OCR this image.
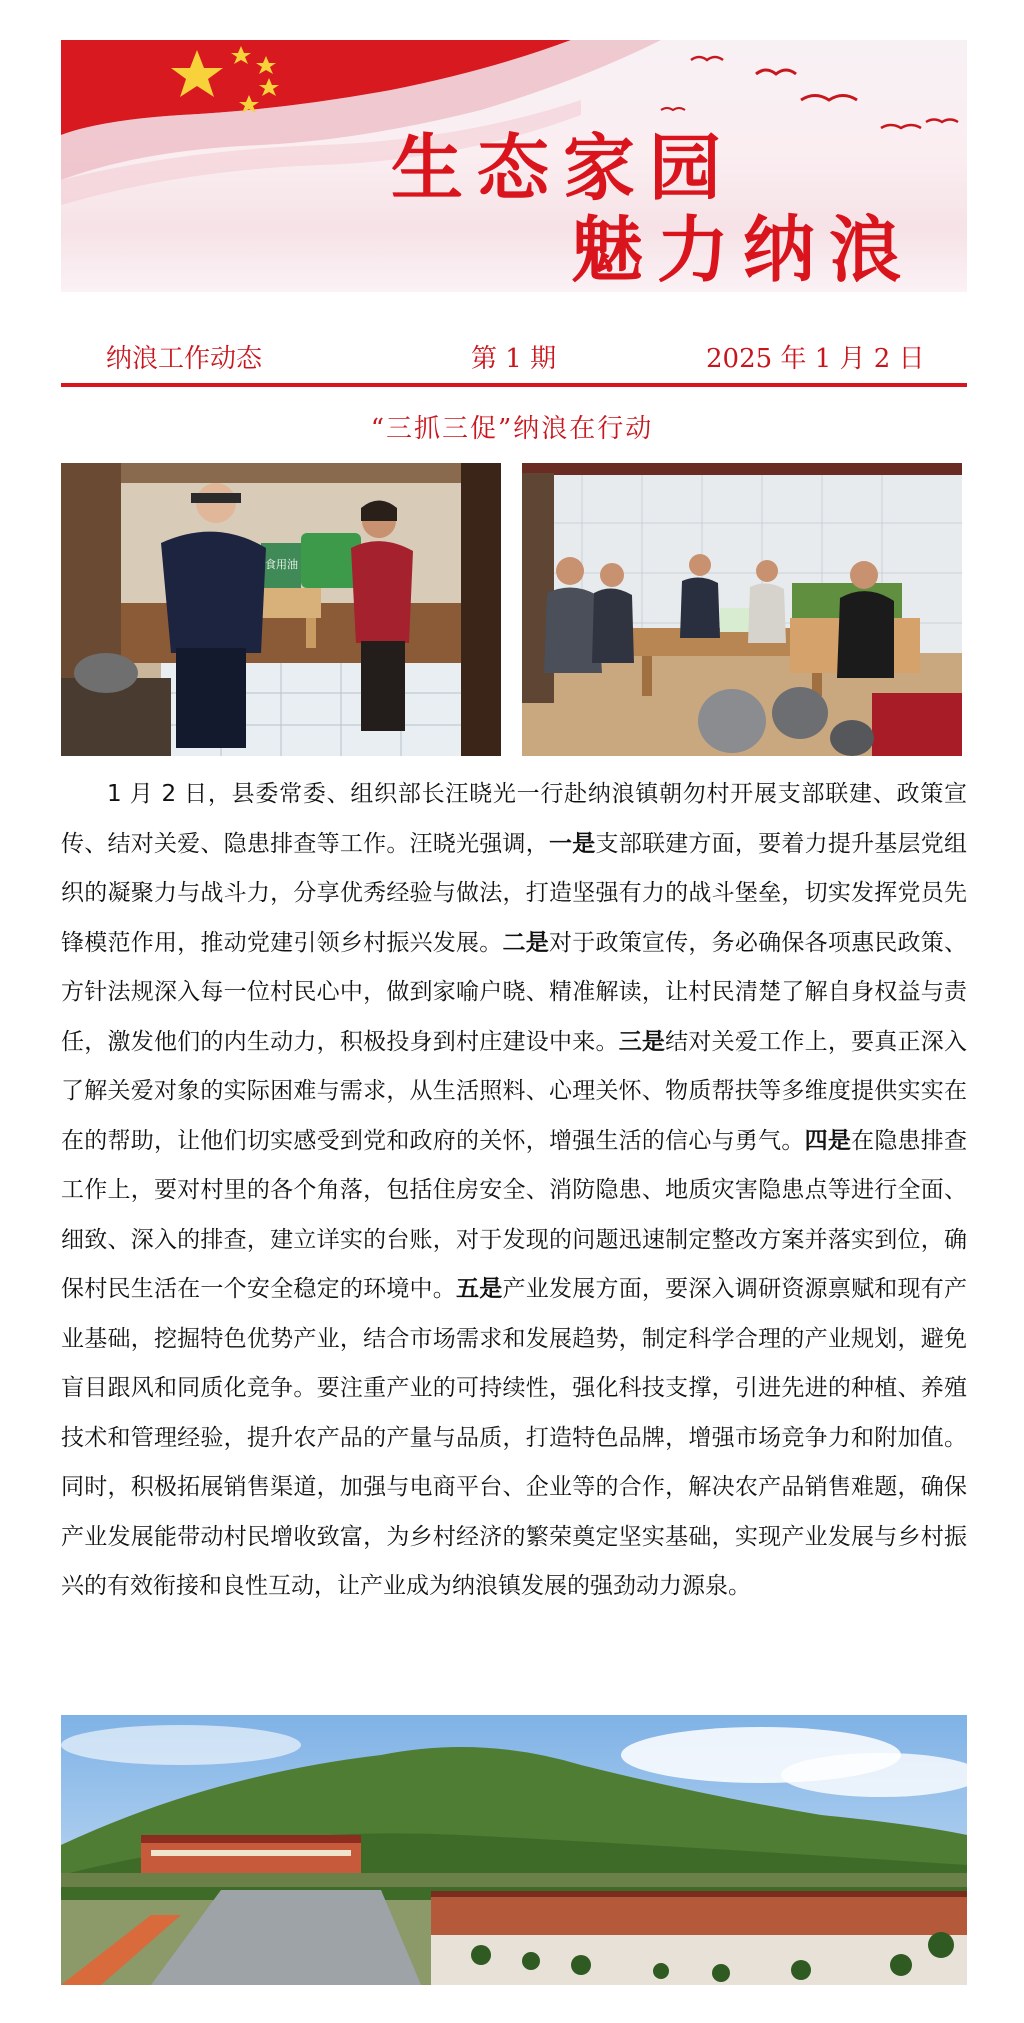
生态家园
魅力纳浪
纳浪工作动态	第 1 期	2025 年 1 月 2 日
“三抓三促”纳浪在行动
食用油
1 月 2 日，县委常委、组织部长汪晓光一行赴纳浪镇朝勿村开展支部联建、政策宣传、结对关爱、隐患排查等工作。汪晓光强调，一是支部联建方面，要着力提升基层党组织的凝聚力与战斗力，分享优秀经验与做法，打造坚强有力的战斗堡垒，切实发挥党员先锋模范作用，推动党建引领乡村振兴发展。二是对于政策宣传，务必确保各项惠民政策、方针法规深入每一位村民心中，做到家喻户晓、精准解读，让村民清楚了解自身权益与责任，激发他们的内生动力，积极投身到村庄建设中来。三是结对关爱工作上，要真正深入了解关爱对象的实际困难与需求，从生活照料、心理关怀、物质帮扶等多维度提供实实在在的帮助，让他们切实感受到党和政府的关怀，增强生活的信心与勇气。四是在隐患排查工作上，要对村里的各个角落，包括住房安全、消防隐患、地质灾害隐患点等进行全面、细致、深入的排查，建立详实的台账，对于发现的问题迅速制定整改方案并落实到位，确保村民生活在一个安全稳定的环境中。五是产业发展方面，要深入调研资源禀赋和现有产业基础，挖掘特色优势产业，结合市场需求和发展趋势，制定科学合理的产业规划，避免盲目跟风和同质化竞争。要注重产业的可持续性，强化科技支撑，引进先进的种植、养殖技术和管理经验，提升农产品的产量与品质，打造特色品牌，增强市场竞争力和附加值。同时，积极拓展销售渠道，加强与电商平台、企业等的合作，解决农产品销售难题，确保产业发展能带动村民增收致富，为乡村经济的繁荣奠定坚实基础，实现产业发展与乡村振兴的有效衔接和良性互动，让产业成为纳浪镇发展的强劲动力源泉。
